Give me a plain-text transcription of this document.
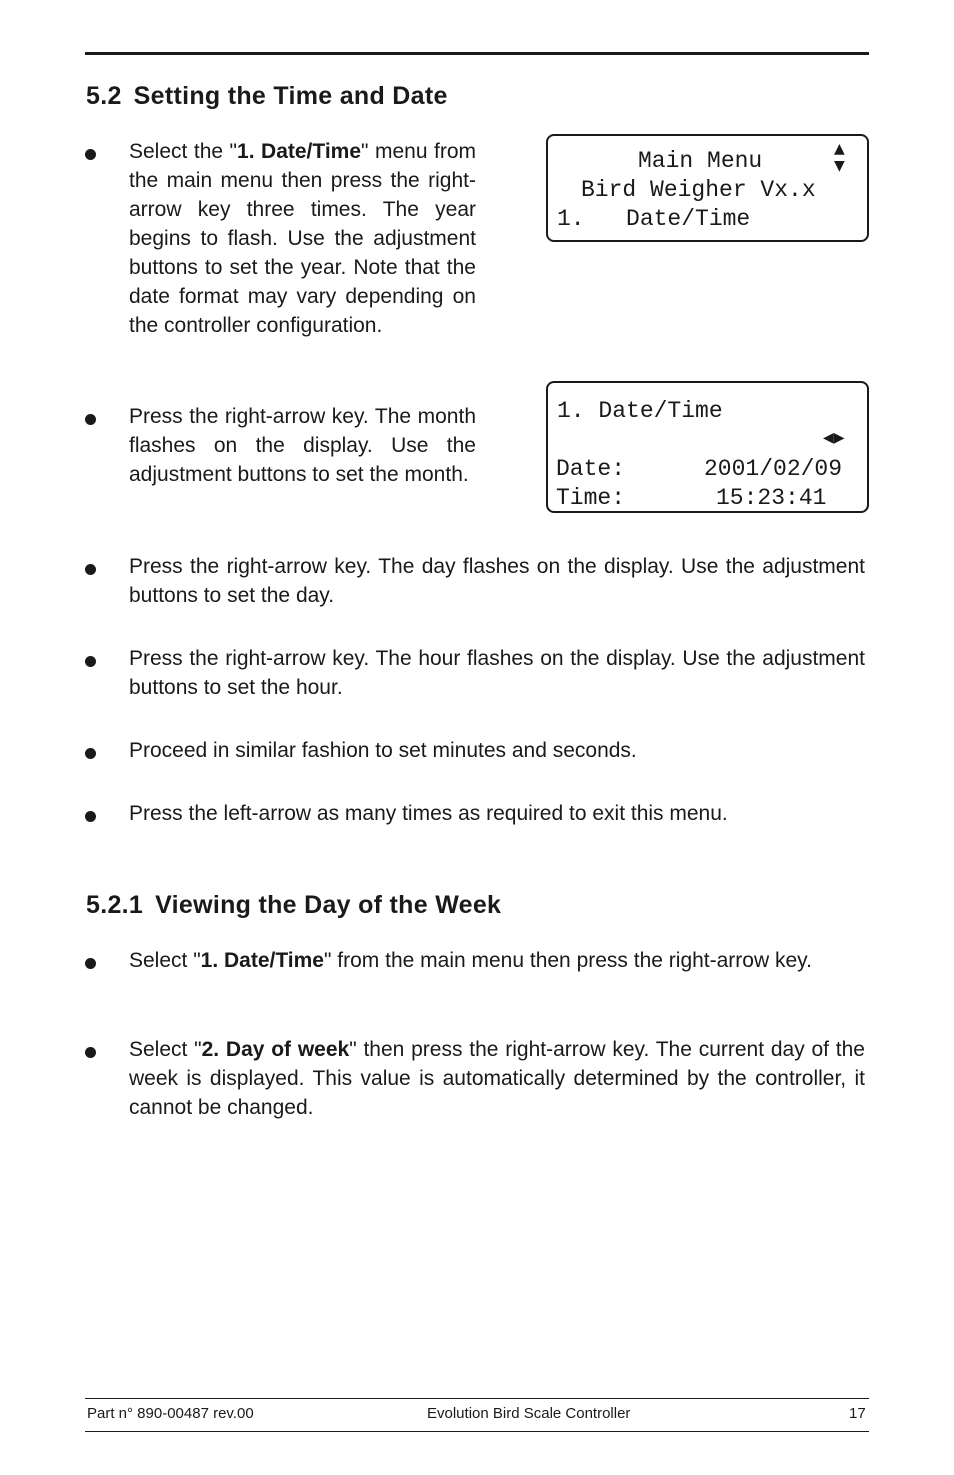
5.2 Setting the Time and Date
Select the "1. Date/Time" menu from the main menu then press the right-arrow key three times. The year begins to flash. Use the adjustment buttons to set the year. Note that the date format may vary depending on the controller configuration.
Main Menu
Bird Weigher Vx.x
1.   Date/Time
▲
▼
Press the right-arrow key. The month flashes on the display. Use the adjustment buttons to set the month.
1. Date/Time
◀▶
Date:	2001/02/09
Time:	15:23:41
Press the right-arrow key. The day flashes on the display. Use the adjustment buttons to set the day.
Press the right-arrow key. The hour flashes on the display. Use the adjustment buttons to set the hour.
Proceed in similar fashion to set minutes and seconds.
Press the left-arrow as many times as required to exit this menu.
5.2.1 Viewing the Day of the Week
Select "1. Date/Time" from the main menu then press the right-arrow key.
Select "2. Day of week" then press the right-arrow key. The current day of the week is displayed. This value is automatically determined by the controller, it cannot be changed.
Part n° 890-00487 rev.00	Evolution Bird Scale Controller	17
